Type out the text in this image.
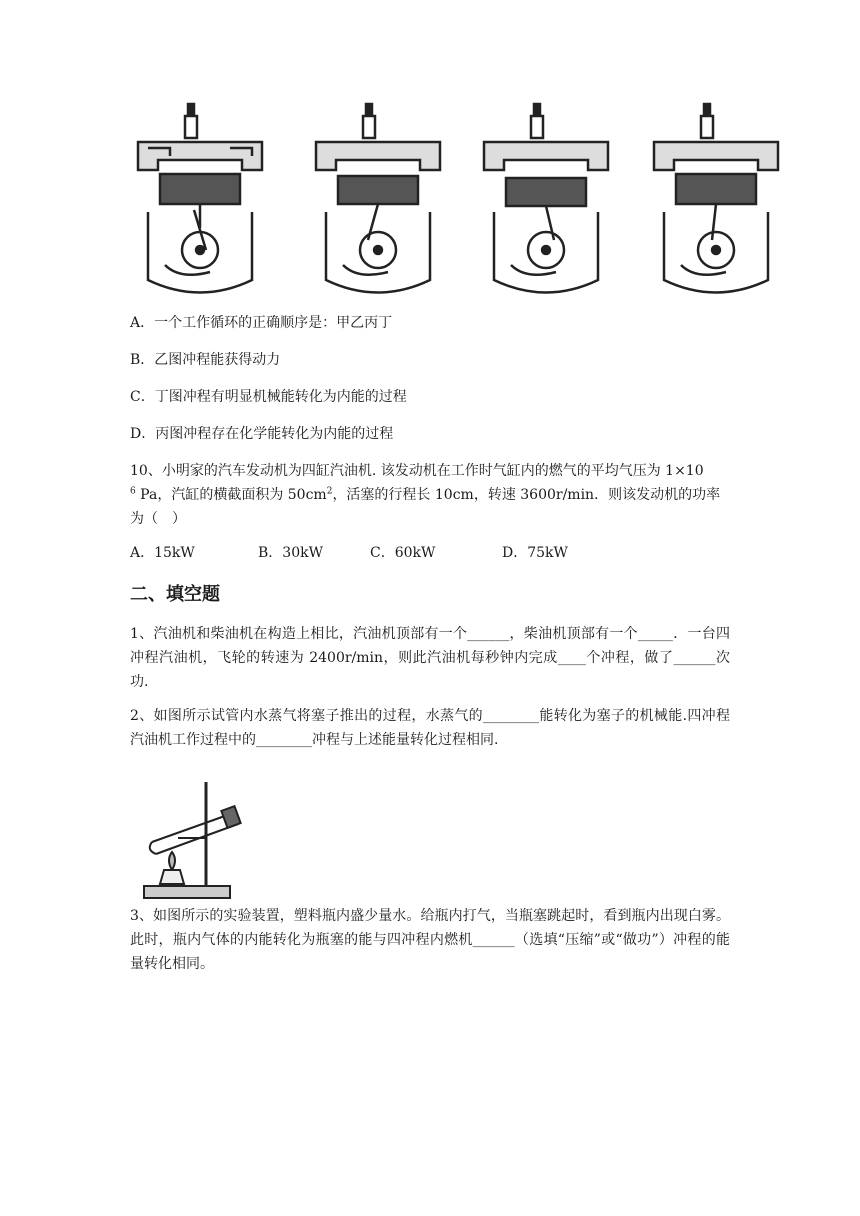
A．一个工作循环的正确顺序是：甲乙丙丁
B．乙图冲程能获得动力
C．丁图冲程有明显机械能转化为内能的过程
D．丙图冲程存在化学能转化为内能的过程
10、小明家的汽车发动机为四缸汽油机. 该发动机在工作时气缸内的燃气的平均气压为 1×10
$^6$ Pa，汽缸的横截面积为 $50cm^2$，活塞的行程长 10cm，转速 3600r/min．则该发动机的功率
为（　）
A．15kW	B．30kW	C．60kW	D．75kW
二、填空题
1、汽油机和柴油机在构造上相比，汽油机顶部有一个______，柴油机顶部有一个_____．一台四冲程汽油机，飞轮的转速为 2400r/min，则此汽油机每秒钟内完成____个冲程，做了______次功.
2、如图所示试管内水蒸气将塞子推出的过程，水蒸气的________能转化为塞子的机械能.四冲程汽油机工作过程中的________冲程与上述能量转化过程相同.
3、如图所示的实验装置，塑料瓶内盛少量水。给瓶内打气，当瓶塞跳起时，看到瓶内出现白雾。此时，瓶内气体的内能转化为瓶塞的能与四冲程内燃机______（选填“压缩”或“做功”）冲程的能量转化相同。
